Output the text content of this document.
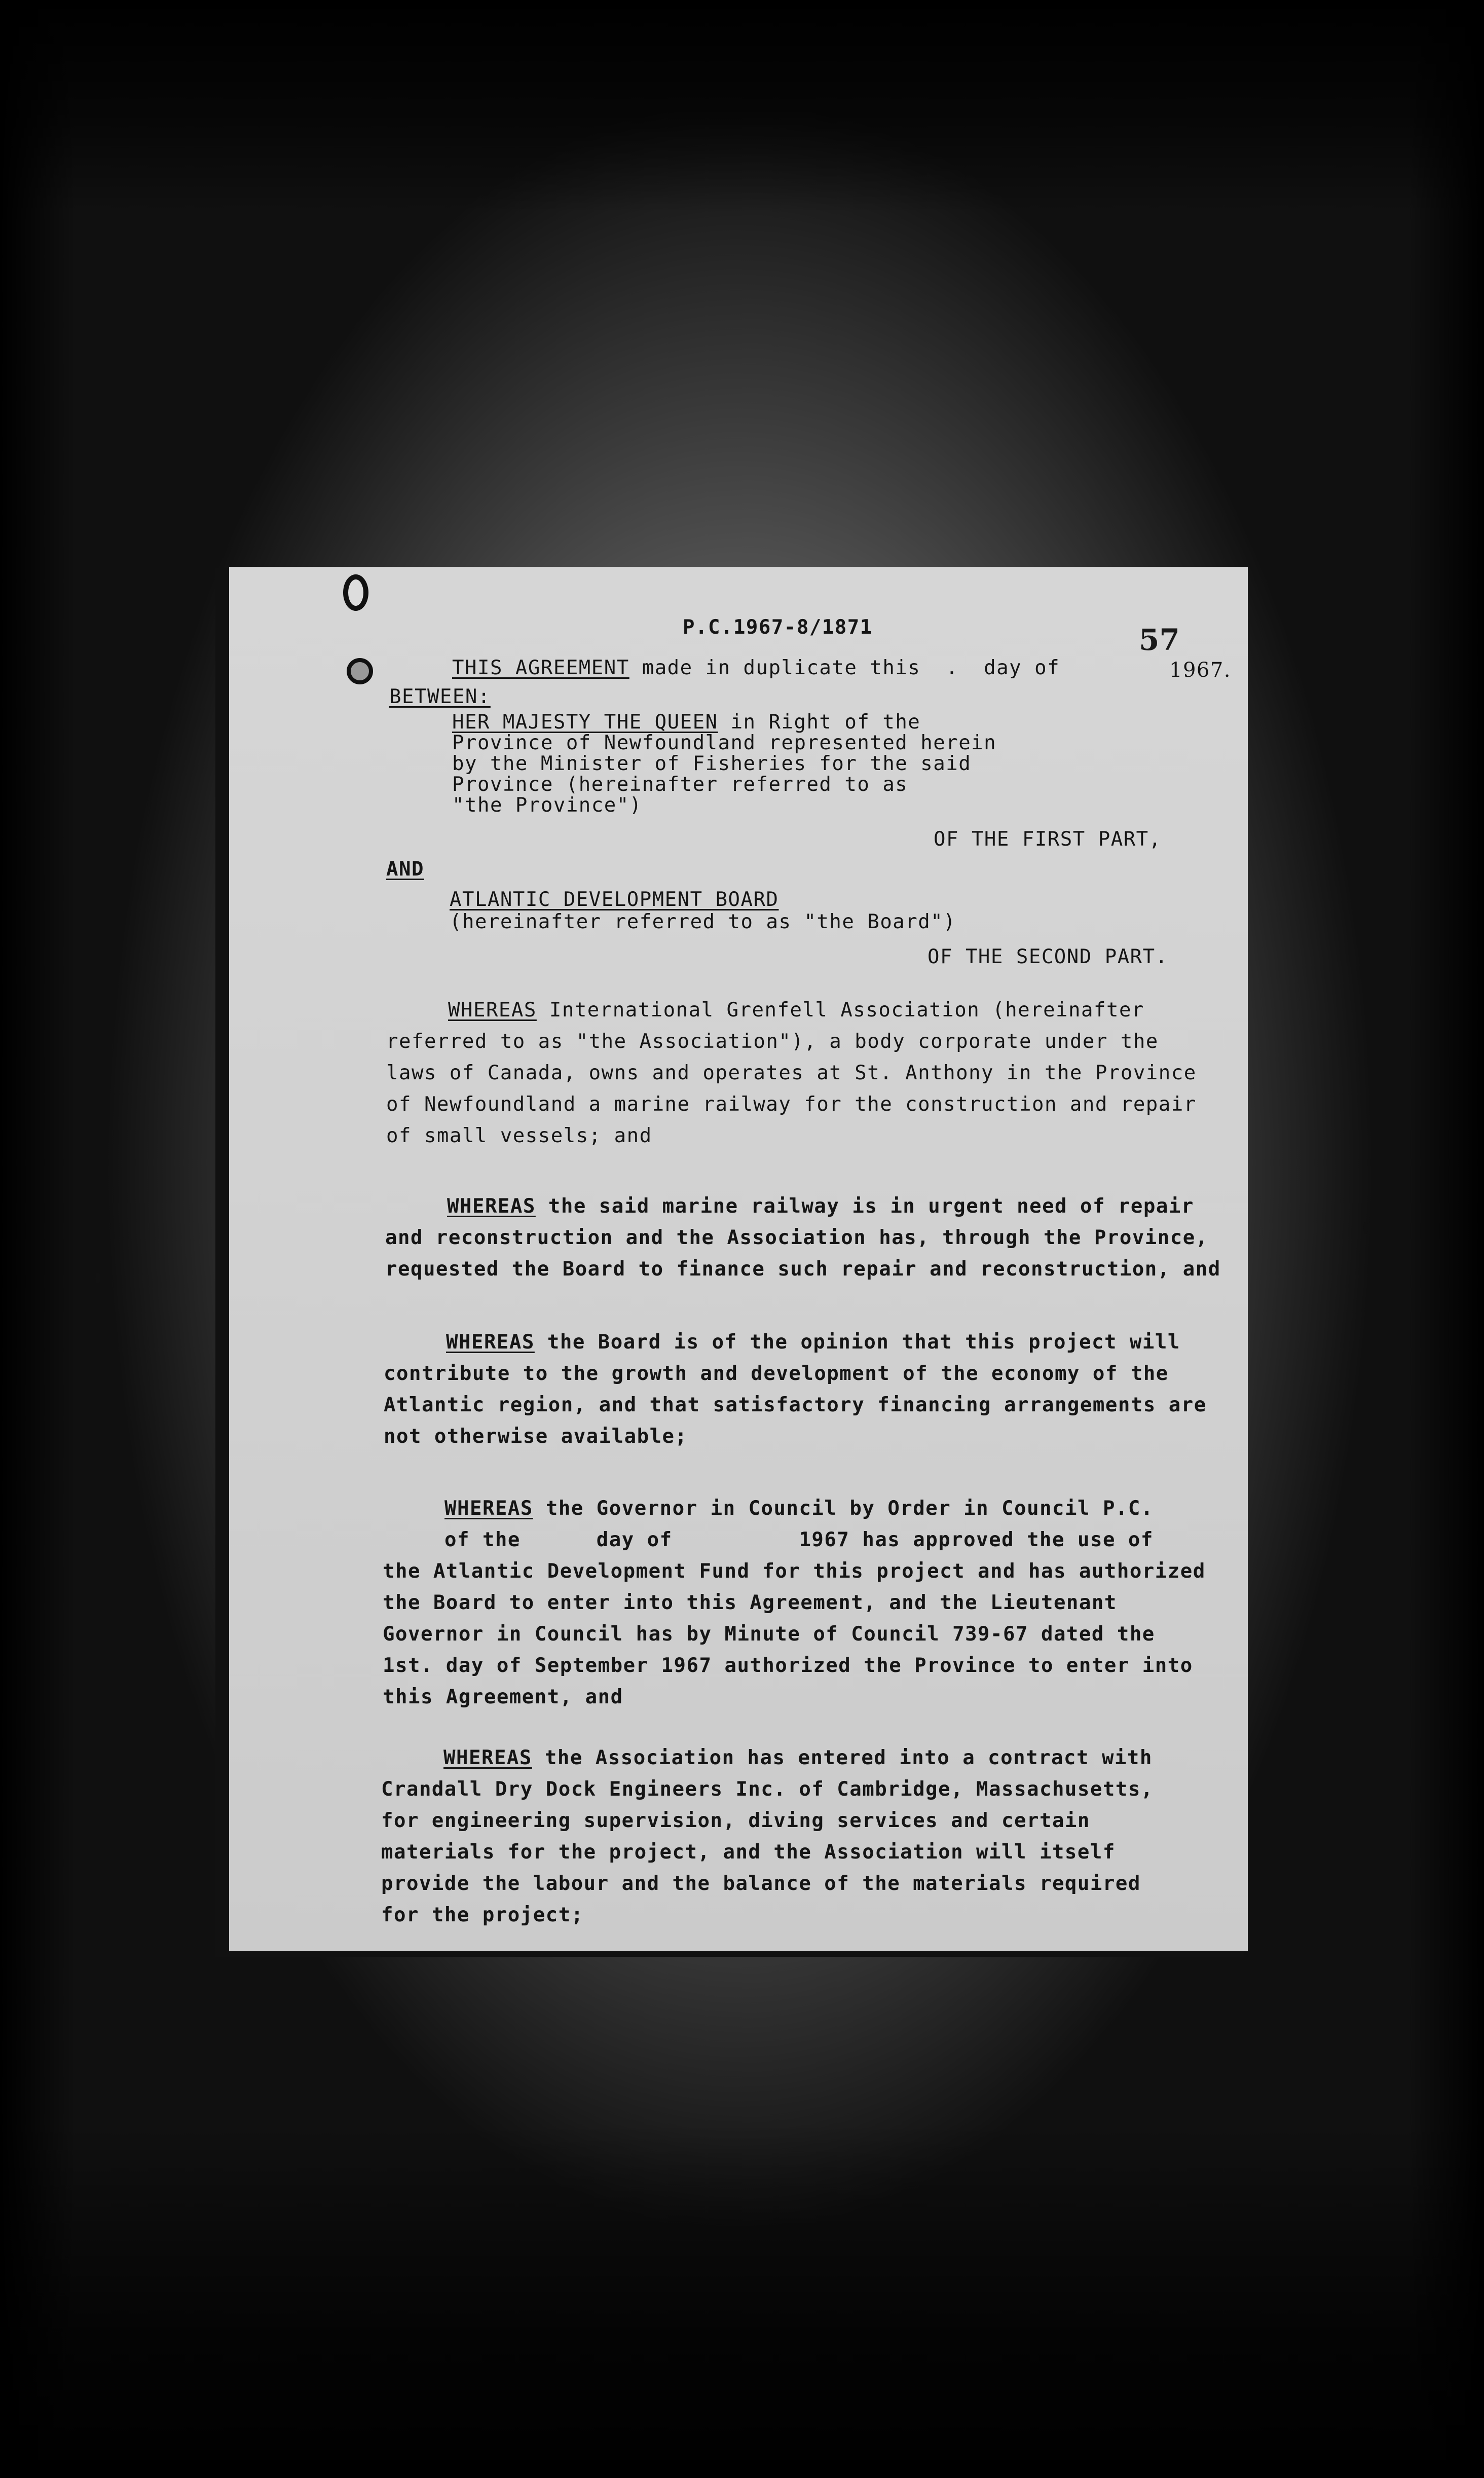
P.C.1967-8/1871	57
THIS AGREEMENT made in duplicate this  .  day of	1967.
BETWEEN:
HER MAJESTY THE QUEEN in Right of the
Province of Newfoundland represented herein
by the Minister of Fisheries for the said
Province (hereinafter referred to as
"the Province")
OF THE FIRST PART,
AND
ATLANTIC DEVELOPMENT BOARD
(hereinafter referred to as "the Board")
OF THE SECOND PART.
WHEREAS International Grenfell Association (hereinafter
referred to as "the Association"), a body corporate under the
laws of Canada, owns and operates at St. Anthony in the Province
of Newfoundland a marine railway for the construction and repair
of small vessels; and
WHEREAS the said marine railway is in urgent need of repair
and reconstruction and the Association has, through the Province,
requested the Board to finance such repair and reconstruction, and
WHEREAS the Board is of the opinion that this project will
contribute to the growth and development of the economy of the
Atlantic region, and that satisfactory financing arrangements are
not otherwise available;
WHEREAS the Governor in Council by Order in Council P.C.
of the      day of          1967 has approved the use of
the Atlantic Development Fund for this project and has authorized
the Board to enter into this Agreement, and the Lieutenant
Governor in Council has by Minute of Council 739-67 dated the
1st. day of September 1967 authorized the Province to enter into
this Agreement, and
WHEREAS the Association has entered into a contract with
Crandall Dry Dock Engineers Inc. of Cambridge, Massachusetts,
for engineering supervision, diving services and certain
materials for the project, and the Association will itself
provide the labour and the balance of the materials required
for the project;
